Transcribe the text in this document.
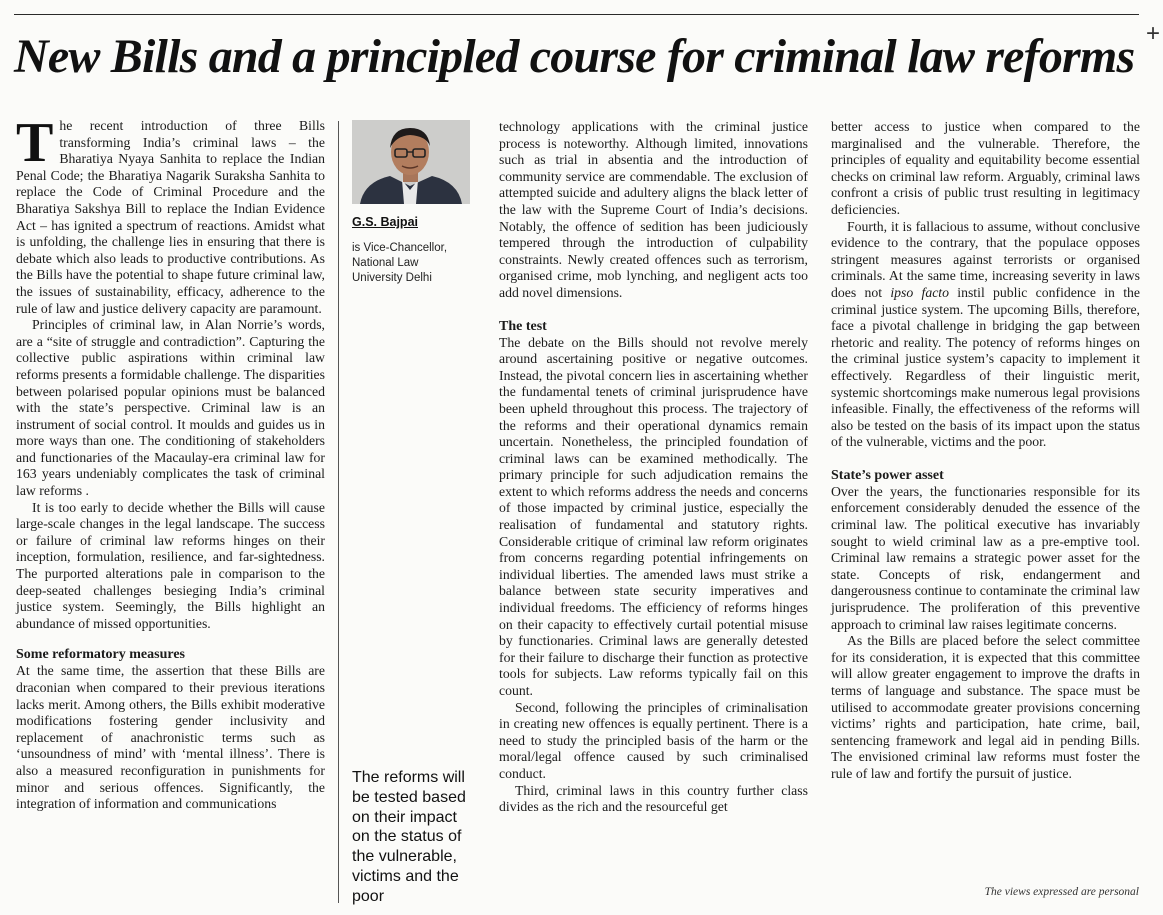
New Bills and a principled course for criminal law reforms +

The recent introduction of three Bills transforming India’s criminal laws – the Bharatiya Nyaya Sanhita to replace the Indian Penal Code; the Bharatiya Nagarik Suraksha Sanhita to replace the Code of Criminal Procedure and the Bharatiya Sakshya Bill to replace the Indian Evidence Act – has ignited a spectrum of reactions. Amidst what is unfolding, the challenge lies in ensuring that there is debate which also leads to productive contributions. As the Bills have the potential to shape future criminal law, the issues of sustainability, efficacy, adherence to the rule of law and justice delivery capacity are paramount.

Principles of criminal law, in Alan Norrie’s words, are a “site of struggle and contradiction”. Capturing the collective public aspirations within criminal law reforms presents a formidable challenge. The disparities between polarised popular opinions must be balanced with the state’s perspective. Criminal law is an instrument of social control. It moulds and guides us in more ways than one. The conditioning of stakeholders and functionaries of the Macaulay-era criminal law for 163 years undeniably complicates the task of criminal law reforms .

It is too early to decide whether the Bills will cause large-scale changes in the legal landscape. The success or failure of criminal law reforms hinges on their inception, formulation, resilience, and far-sightedness. The purported alterations pale in comparison to the deep-seated challenges besieging India’s criminal justice system. Seemingly, the Bills highlight an abundance of missed opportunities.

Some reformatory measures

At the same time, the assertion that these Bills are draconian when compared to their previous iterations lacks merit. Among others, the Bills exhibit moderative modifications fostering gender inclusivity and replacement of anachronistic terms such as ‘unsoundness of mind’ with ‘mental illness’. There is also a measured reconfiguration in punishments for minor and serious offences. Significantly, the integration of information and communications

G.S. Bajpai
is Vice-Chancellor,
National Law
University Delhi
The reforms will be tested based on their impact on the status of the vulnerable, victims and the poor

technology applications with the criminal justice process is noteworthy. Although limited, innovations such as trial in absentia and the introduction of community service are commendable. The exclusion of attempted suicide and adultery aligns the black letter of the law with the Supreme Court of India’s decisions. Notably, the offence of sedition has been judiciously tempered through the introduction of culpability constraints. Newly created offences such as terrorism, organised crime, mob lynching, and negligent acts too add novel dimensions.

The test

The debate on the Bills should not revolve merely around ascertaining positive or negative outcomes. Instead, the pivotal concern lies in ascertaining whether the fundamental tenets of criminal jurisprudence have been upheld throughout this process. The trajectory of the reforms and their operational dynamics remain uncertain. Nonetheless, the principled foundation of criminal laws can be examined methodically. The primary principle for such adjudication remains the extent to which reforms address the needs and concerns of those impacted by criminal justice, especially the realisation of fundamental and statutory rights. Considerable critique of criminal law reform originates from concerns regarding potential infringements on individual liberties. The amended laws must strike a balance between state security imperatives and individual freedoms. The efficiency of reforms hinges on their capacity to effectively curtail potential misuse by functionaries. Criminal laws are generally detested for their failure to discharge their function as protective tools for subjects. Law reforms typically fail on this count.

Second, following the principles of criminalisation in creating new offences is equally pertinent. There is a need to study the principled basis of the harm or the moral/legal offence caused by such criminalised conduct.

Third, criminal laws in this country further class divides as the rich and the resourceful get

better access to justice when compared to the marginalised and the vulnerable. Therefore, the principles of equality and equitability become essential checks on criminal law reform. Arguably, criminal laws confront a crisis of public trust resulting in legitimacy deficiencies.

Fourth, it is fallacious to assume, without conclusive evidence to the contrary, that the populace opposes stringent measures against terrorists or organised criminals. At the same time, increasing severity in laws does not ipso facto instil public confidence in the criminal justice system. The upcoming Bills, therefore, face a pivotal challenge in bridging the gap between rhetoric and reality. The potency of reforms hinges on the criminal justice system’s capacity to implement it effectively. Regardless of their linguistic merit, systemic shortcomings make numerous legal provisions infeasible. Finally, the effectiveness of the reforms will also be tested on the basis of its impact upon the status of the vulnerable, victims and the poor.

State’s power asset

Over the years, the functionaries responsible for its enforcement considerably denuded the essence of the criminal law. The political executive has invariably sought to wield criminal law as a pre-emptive tool. Criminal law remains a strategic power asset for the state. Concepts of risk, endangerment and dangerousness continue to contaminate the criminal law jurisprudence. The proliferation of this preventive approach to criminal law raises legitimate concerns.

As the Bills are placed before the select committee for its consideration, it is expected that this committee will allow greater engagement to improve the drafts in terms of language and substance. The space must be utilised to accommodate greater provisions concerning victims’ rights and participation, hate crime, bail, sentencing framework and legal aid in pending Bills. The envisioned criminal law reforms must foster the rule of law and fortify the pursuit of justice.

The views expressed are personal
